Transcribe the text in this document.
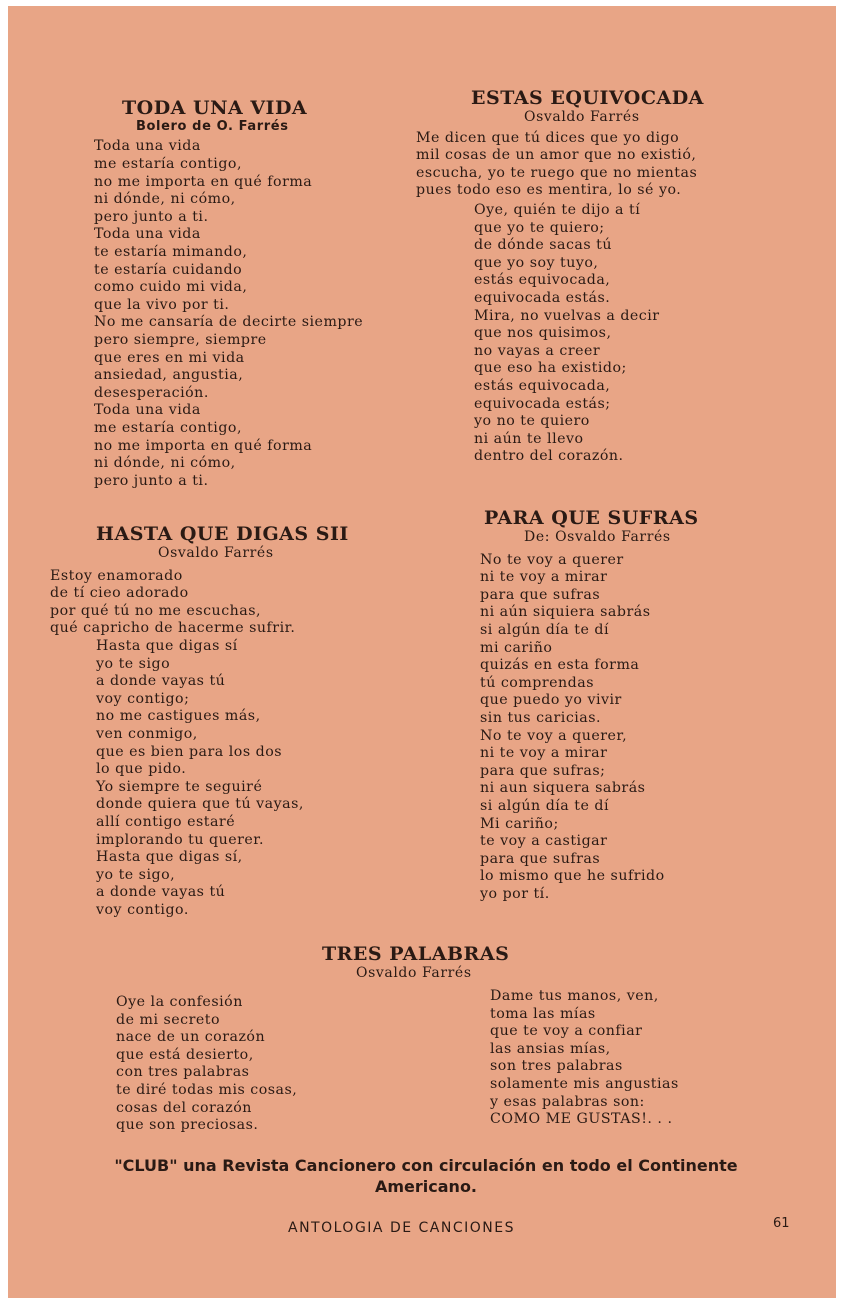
TODA UNA VIDA
Bolero de O. Farrés
Toda una vida
me estaría contigo,
no me importa en qué forma
ni dónde, ni cómo,
pero junto a ti.
Toda una vida
te estaría mimando,
te estaría cuidando
como cuido mi vida,
que la vivo por ti.
No me cansaría de decirte siempre
pero siempre, siempre
que eres en mi vida
ansiedad, angustia,
desesperación.
Toda una vida
me estaría contigo,
no me importa en qué forma
ni dónde, ni cómo,
pero junto a ti.
ESTAS EQUIVOCADA
Osvaldo Farrés
Me dicen que tú dices que yo digo
mil cosas de un amor que no existió,
escucha, yo te ruego que no mientas
pues todo eso es mentira, lo sé yo.
Oye, quién te dijo a tí
que yo te quiero;
de dónde sacas tú
que yo soy tuyo,
estás equivocada,
equivocada estás.
Mira, no vuelvas a decir
que nos quisimos,
no vayas a creer
que eso ha existido;
estás equivocada,
equivocada estás;
yo no te quiero
ni aún te llevo
dentro del corazón.
HASTA QUE DIGAS SII
Osvaldo Farrés
Estoy enamorado
de tí cieo adorado
por qué tú no me escuchas,
qué capricho de hacerme sufrir.
Hasta que digas sí
yo te sigo
a donde vayas tú
voy contigo;
no me castigues más,
ven conmigo,
que es bien para los dos
lo que pido.
Yo siempre te seguiré
donde quiera que tú vayas,
allí contigo estaré
implorando tu querer.
Hasta que digas sí,
yo te sigo,
a donde vayas tú
voy contigo.
PARA QUE SUFRAS
De: Osvaldo Farrés
No te voy a querer
ni te voy a mirar
para que sufras
ni aún siquiera sabrás
si algún día te dí
mi cariño
quizás en esta forma
tú comprendas
que puedo yo vivir
sin tus caricias.
No te voy a querer,
ni te voy a mirar
para que sufras;
ni aun siquera sabrás
si algún día te dí
Mi cariño;
te voy a castigar
para que sufras
lo mismo que he sufrido
yo por tí.
TRES PALABRAS
Osvaldo Farrés
Oye la confesión
de mi secreto
nace de un corazón
que está desierto,
con tres palabras
te diré todas mis cosas,
cosas del corazón
que son preciosas.
Dame tus manos, ven,
toma las mías
que te voy a confiar
las ansias mías,
son tres palabras
solamente mis angustias
y esas palabras son:
COMO ME GUSTAS!. . .
"CLUB" una Revista Cancionero con circulación en todo el Continente Americano.
ANTOLOGIA DE CANCIONES	61
